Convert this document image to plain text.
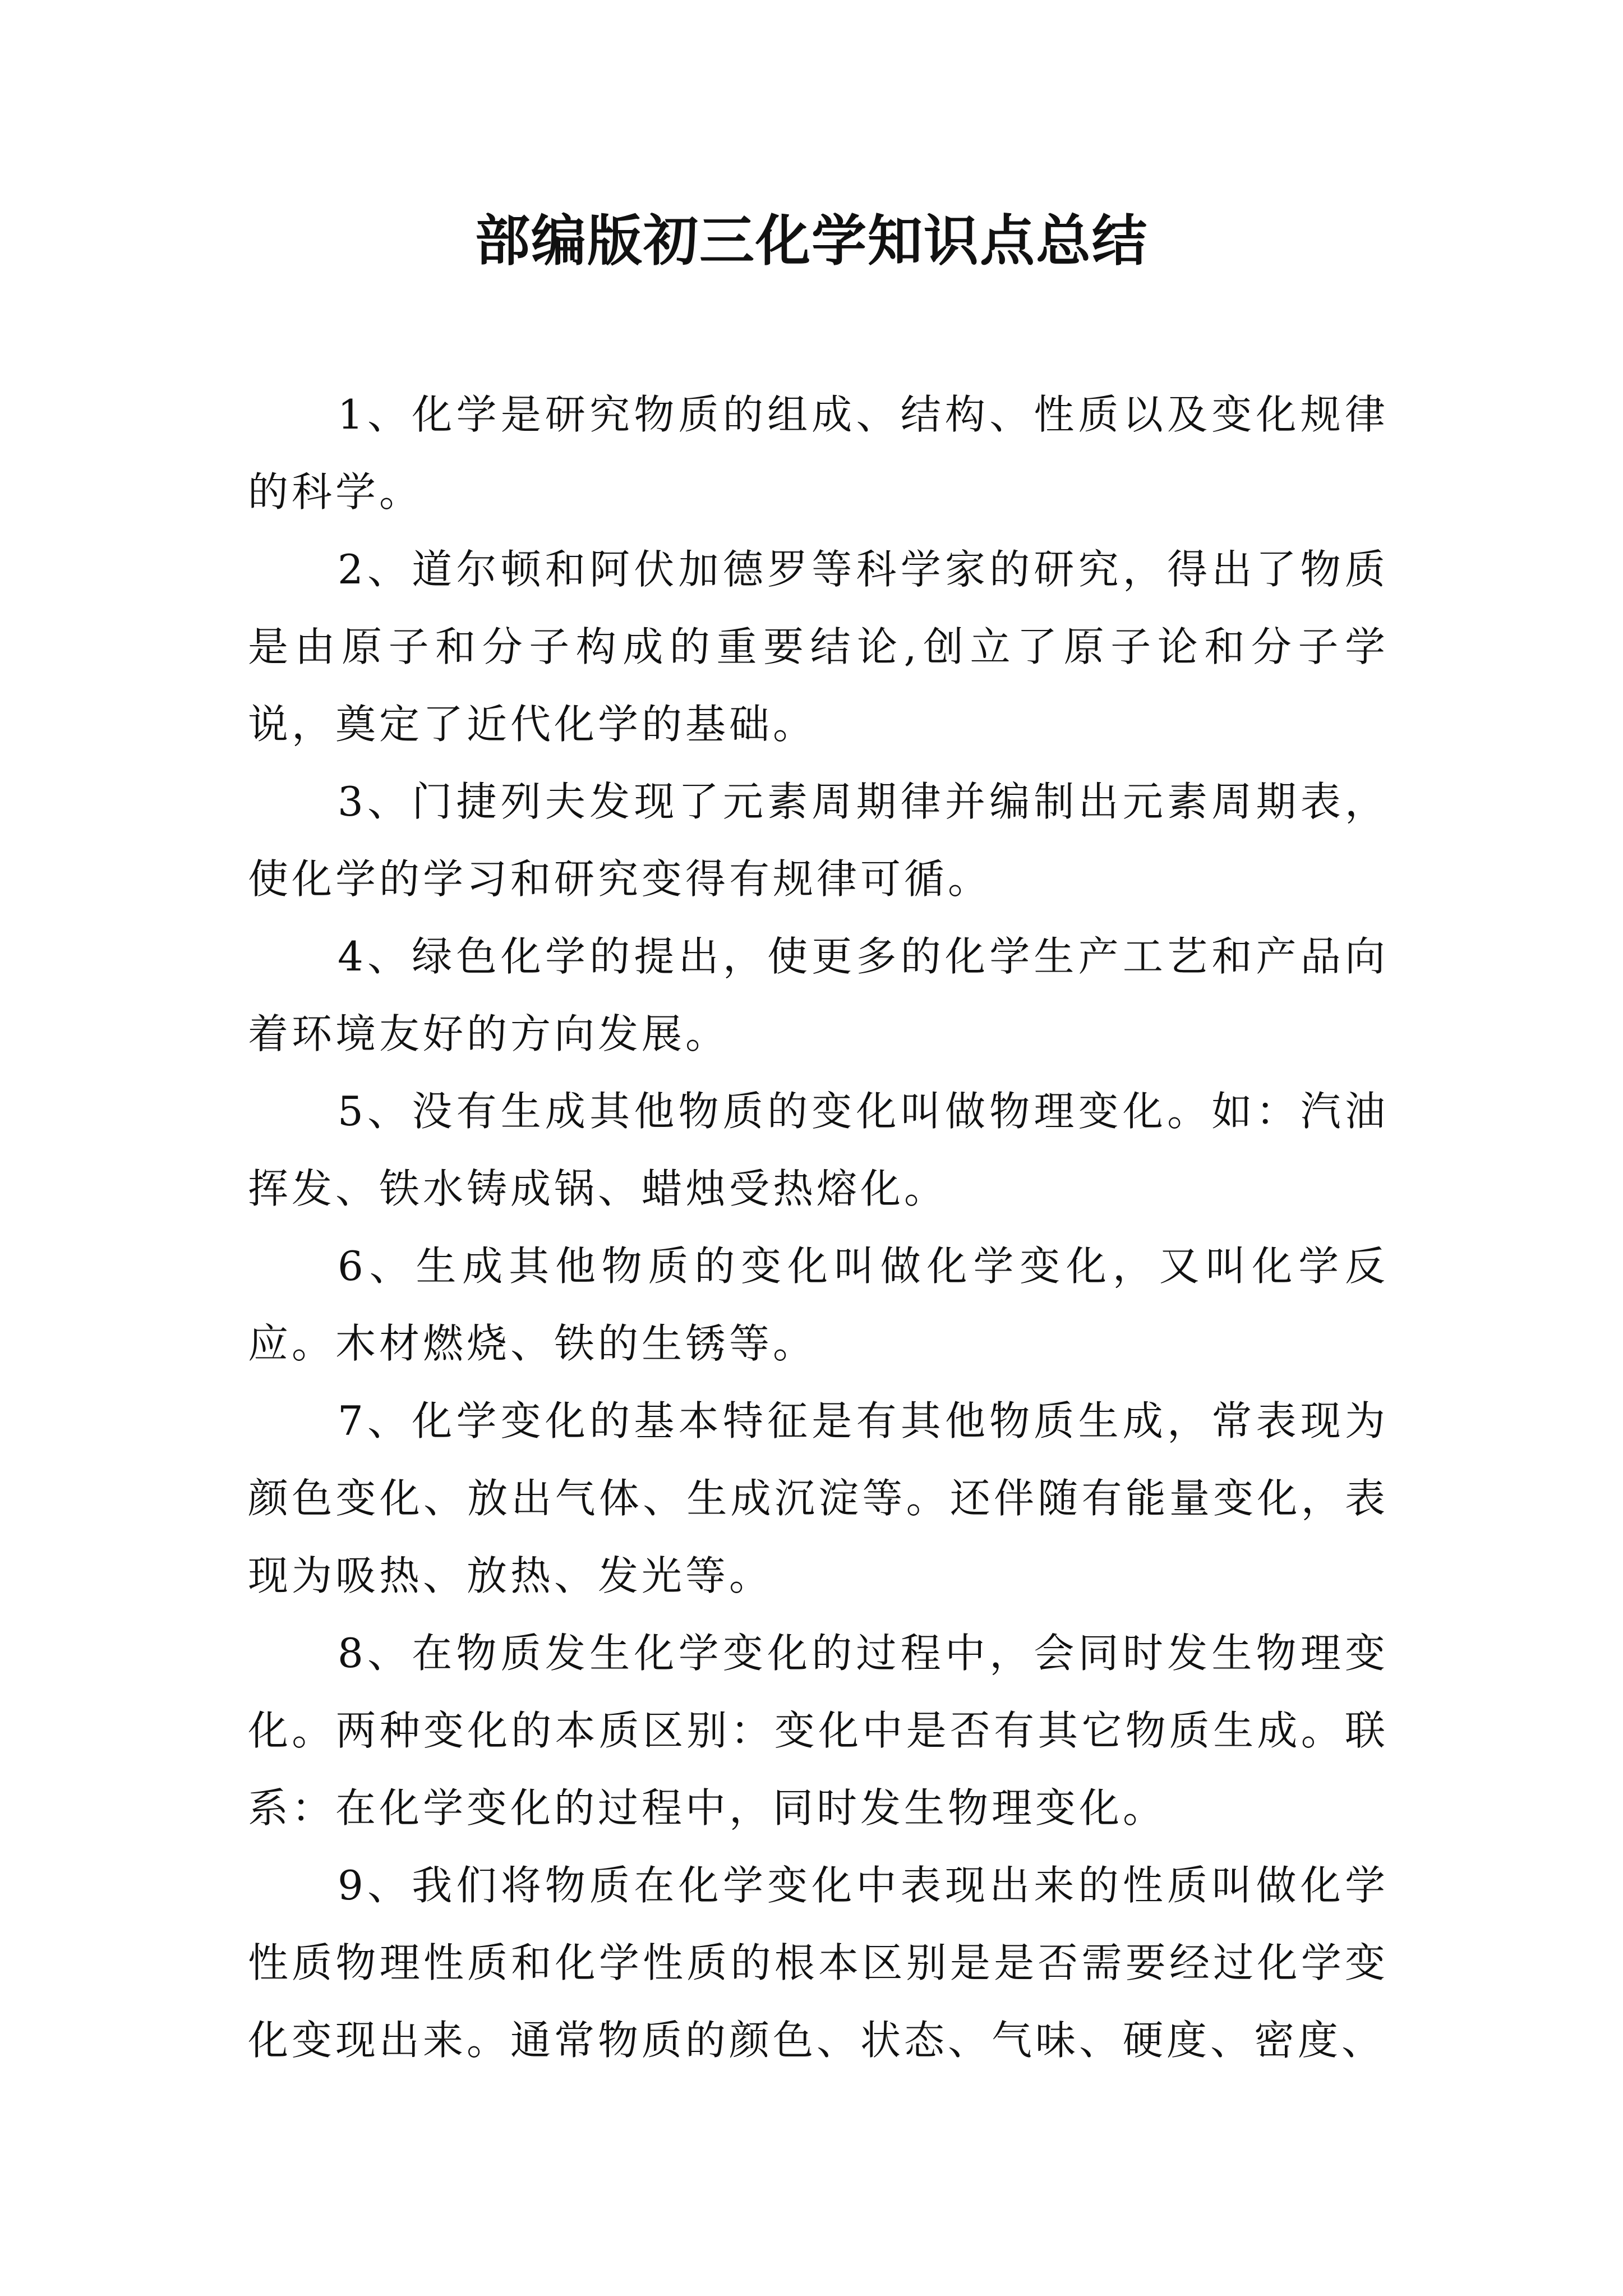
部编版初三化学知识点总结

1、化学是研究物质的组成、结构、性质以及变化规律的科学。

2、道尔顿和阿伏加德罗等科学家的研究，得出了物质是由原子和分子构成的重要结论,创立了原子论和分子学说，奠定了近代化学的基础。

3、门捷列夫发现了元素周期律并编制出元素周期表，使化学的学习和研究变得有规律可循。

4、绿色化学的提出，使更多的化学生产工艺和产品向着环境友好的方向发展。

5、没有生成其他物质的变化叫做物理变化。如：汽油挥发、铁水铸成锅、蜡烛受热熔化。

6、生成其他物质的变化叫做化学变化，又叫化学反应。木材燃烧、铁的生锈等。

7、化学变化的基本特征是有其他物质生成，常表现为颜色变化、放出气体、生成沉淀等。还伴随有能量变化，表现为吸热、放热、发光等。

8、在物质发生化学变化的过程中，会同时发生物理变化。两种变化的本质区别：变化中是否有其它物质生成。联系：在化学变化的过程中，同时发生物理变化。

9、我们将物质在化学变化中表现出来的性质叫做化学性质物理性质和化学性质的根本区别是是否需要经过化学变化变现出来。通常物质的颜色、状态、气味、硬度、密度、
